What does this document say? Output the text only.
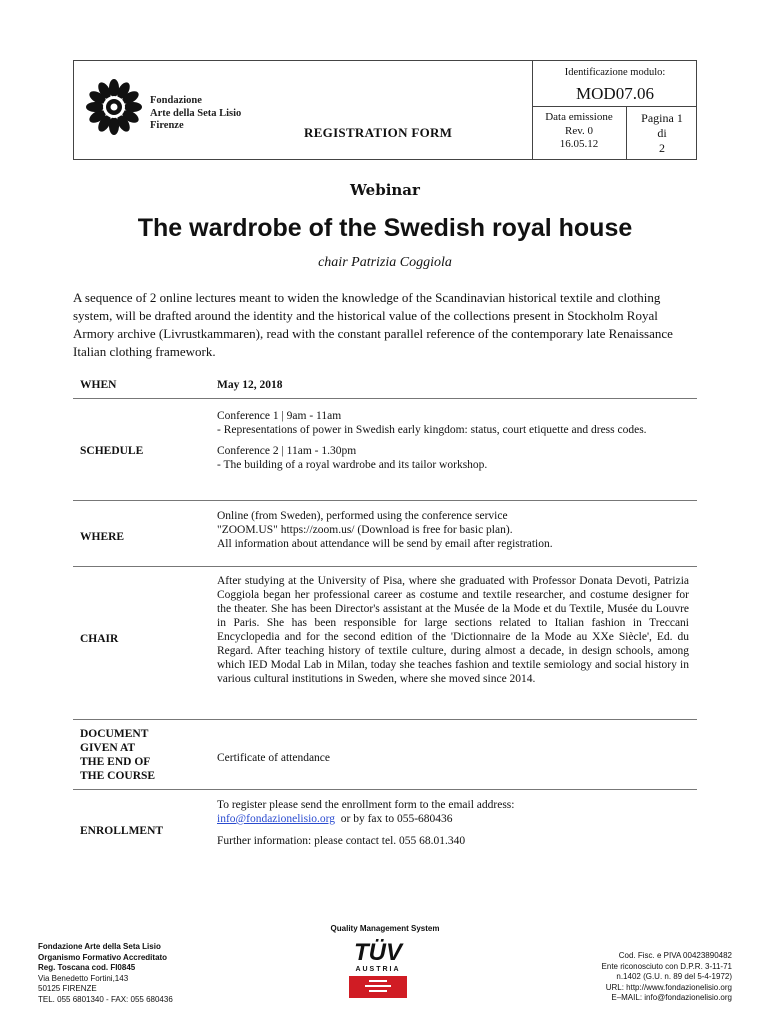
Fondazione
Arte della Seta Lisio
Firenze	REGISTRATION FORM
Identificazione modulo:
MOD07.06
Data emissione
Rev. 0
16.05.12
Pagina 1
di
2
Webinar
The wardrobe of the Swedish royal house
chair Patrizia Coggiola
A sequence of 2 online lectures meant to widen the knowledge of the Scandinavian historical textile and clothing system, will be drafted around the identity and the historical value of the collections present in Stockholm Royal Armory archive (Livrustkammaren), read with the constant parallel reference of the contemporary late Renaissance Italian clothing framework.
WHEN	May 12, 2018
SCHEDULE
Conference 1 | 9am - 11am
- Representations of power in Swedish early kingdom: status, court etiquette and dress codes.
Conference 2 | 11am - 1.30pm
- The building of a royal wardrobe and its tailor workshop.
WHERE
Online (from Sweden), performed using the conference service
"ZOOM.US" https://zoom.us/ (Download is free for basic plan).
All information about attendance will be send by email after registration.
CHAIR
After studying at the University of Pisa, where she graduated with Professor Donata Devoti, Patrizia Coggiola began her professional career as costume and textile researcher, and costume designer for the theater. She has been Director's assistant at the Musée de la Mode et du Textile, Musée du Louvre in Paris. She has been responsible for large sections related to Italian fashion in Treccani Encyclopedia and for the second edition of the 'Dictionnaire de la Mode au XXe Siècle', Ed. du Regard. After teaching history of textile culture, during almost a decade, in design schools, among which IED Modal Lab in Milan, today she teaches fashion and textile semiology and social history in various cultural institutions in Sweden, where she moved since 2014.
DOCUMENT
GIVEN AT
THE END OF
THE COURSE
Certificate of attendance
ENROLLMENT
To register please send the enrollment form to the email address:
info@fondazionelisio.org  or by fax to 055-680436
Further information: please contact tel. 055 68.01.340
Quality Management System
Fondazione Arte della Seta Lisio
Organismo Formativo Accreditato
Reg. Toscana cod. FI0845
Via Benedetto Fortini,143
50125 FIRENZE
TEL. 055 6801340 - FAX: 055 680436
TÜV
AUSTRIA
Cod. Fisc. e PIVA 00423890482
Ente riconosciuto con D.P.R. 3-11-71
n.1402 (G.U. n. 89 del 5-4-1972)
URL: http://www.fondazionelisio.org
E–MAIL: info@fondazionelisio.org
